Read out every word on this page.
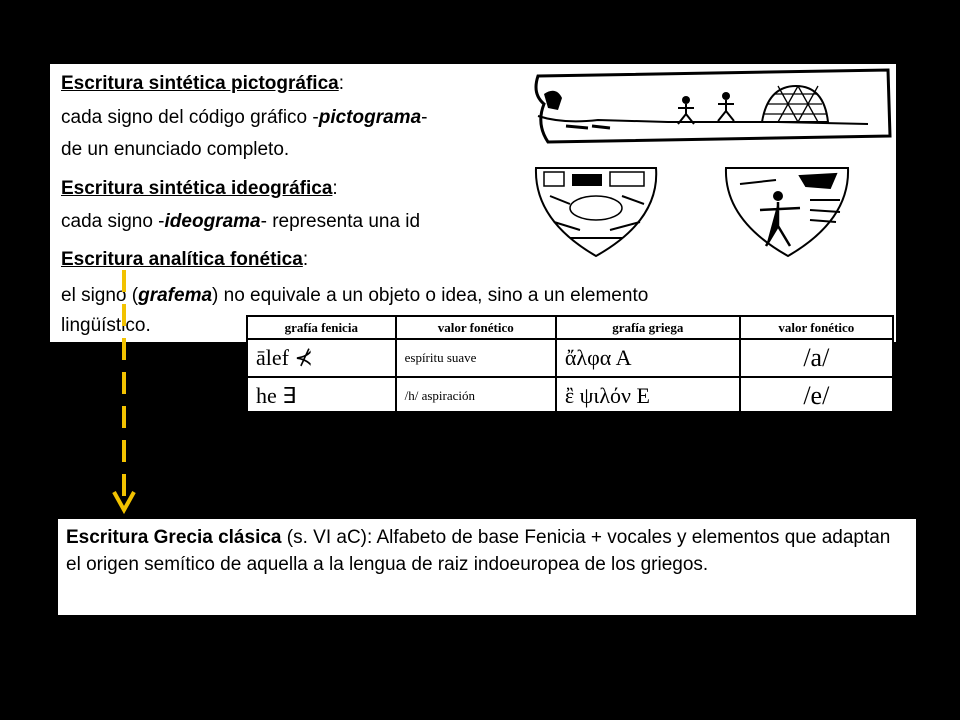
Escritura sintética pictográfica:
cada signo del código gráfico -pictograma-
de un enunciado completo.
Escritura sintética ideográfica:
cada signo -ideograma- representa una id
Escritura analítica fonética:
el signo (grafema) no equivale a un objeto o idea, sino a un elemento
lingüístico.	grafía fenicia	valor fonético	grafía griega	valor fonético
ālef ⊀	espíritu suave	ἄλφα Α	/a/
he ∃	/h/ aspiración	ἒ ψιλόν Ε	/e/
Escritura Grecia clásica (s. VI aC): Alfabeto de base Fenicia + vocales y elementos que adaptan el origen semítico de aquella a la lengua de raiz indoeuropea de los griegos.
